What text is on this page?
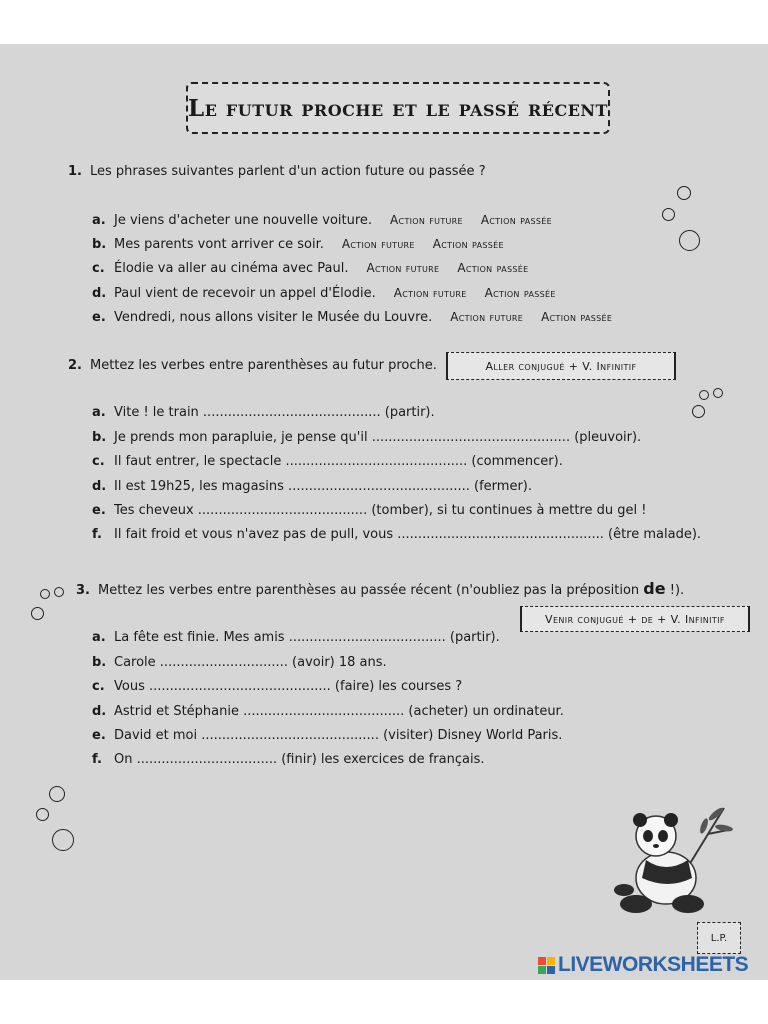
Le futur proche et le passé récent
1. Les phrases suivantes parlent d'un action future ou passée ?
a. Je viens d'acheter une nouvelle voiture. Action future Action passée
b. Mes parents vont arriver ce soir. Action future Action passée
c. Élodie va aller au cinéma avec Paul. Action future Action passée
d. Paul vient de recevoir un appel d'Élodie. Action future Action passée
e. Vendredi, nous allons visiter le Musée du Louvre. Action future Action passée
2. Mettez les verbes entre parenthèses au futur proche.	Aller conjugué + V. Infinitif
a. Vite ! le train ........................................... (partir).
b. Je prends mon parapluie, je pense qu'il ................................................ (pleuvoir).
c. Il faut entrer, le spectacle ............................................ (commencer).
d. Il est 19h25, les magasins ............................................ (fermer).
e. Tes cheveux ......................................... (tomber), si tu continues à mettre du gel !
f. Il fait froid et vous n'avez pas de pull, vous .................................................. (être malade).
3. Mettez les verbes entre parenthèses au passée récent (n'oubliez pas la préposition de !).
Venir conjugué + de + V. Infinitif
a. La fête est finie. Mes amis ...................................... (partir).
b. Carole ............................... (avoir) 18 ans.
c. Vous ............................................ (faire) les courses ?
d. Astrid et Stéphanie ....................................... (acheter) un ordinateur.
e. David et moi ........................................... (visiter) Disney World Paris.
f. On .................................. (finir) les exercices de français.
L.P.
LIVEWORKSHEETS
